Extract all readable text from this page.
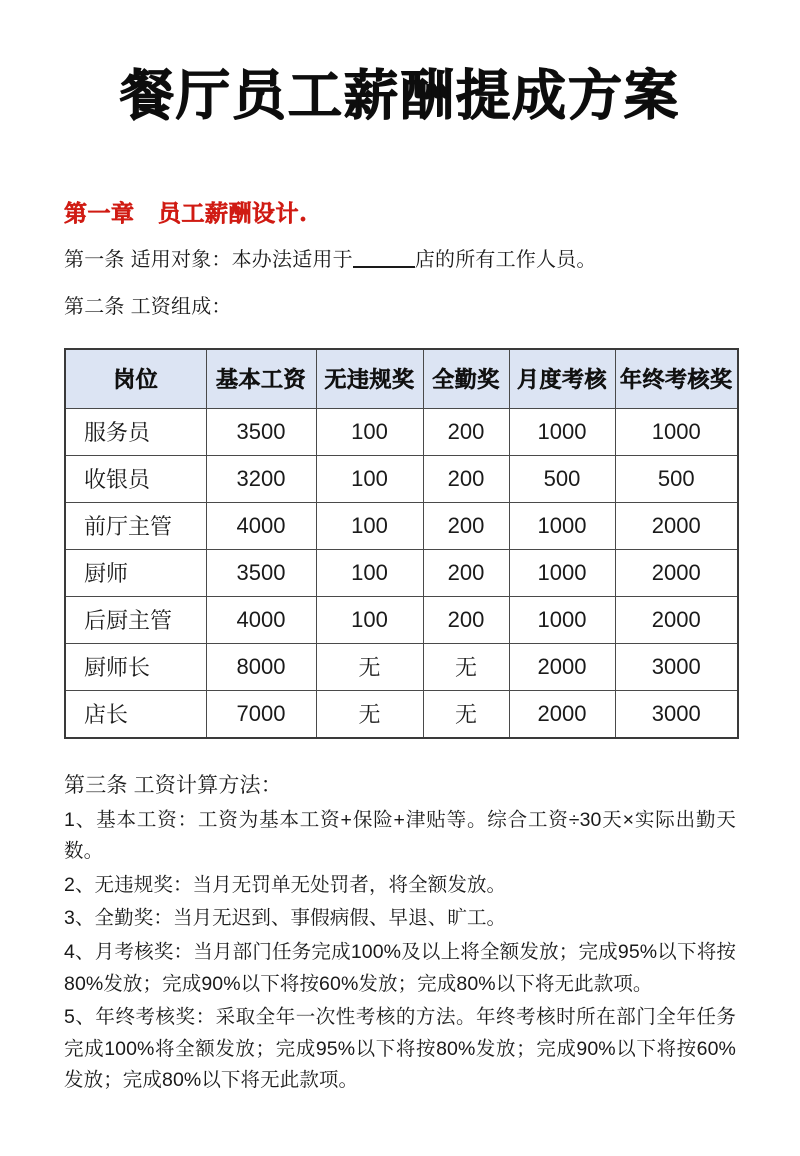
餐厅员工薪酬提成方案
第一章　员工薪酬设计.

第一条 适用对象：本办法适用于	店的所有工作人员。

第二条 工资组成：

岗位	基本工资	无违规奖	全勤奖	月度考核	年终考核奖
服务员	3500	100	200	1000	1000
收银员	3200	100	200	500	500
前厅主管	4000	100	200	1000	2000
厨师	3500	100	200	1000	2000
后厨主管	4000	100	200	1000	2000
厨师长	8000	无	无	2000	3000
店长	7000	无	无	2000	3000

第三条 工资计算方法：

1、基本工资：工资为基本工资+保险+津贴等。综合工资÷30天×实际出勤天数。
2、无违规奖：当月无罚单无处罚者，将全额发放。
3、全勤奖：当月无迟到、事假病假、早退、旷工。
4、月考核奖：当月部门任务完成100%及以上将全额发放；完成95%以下将按80%发放；完成90%以下将按60%发放；完成80%以下将无此款项。
5、年终考核奖：采取全年一次性考核的方法。年终考核时所在部门全年任务完成100%将全额发放；完成95%以下将按80%发放；完成90%以下将按60%发放；完成80%以下将无此款项。
